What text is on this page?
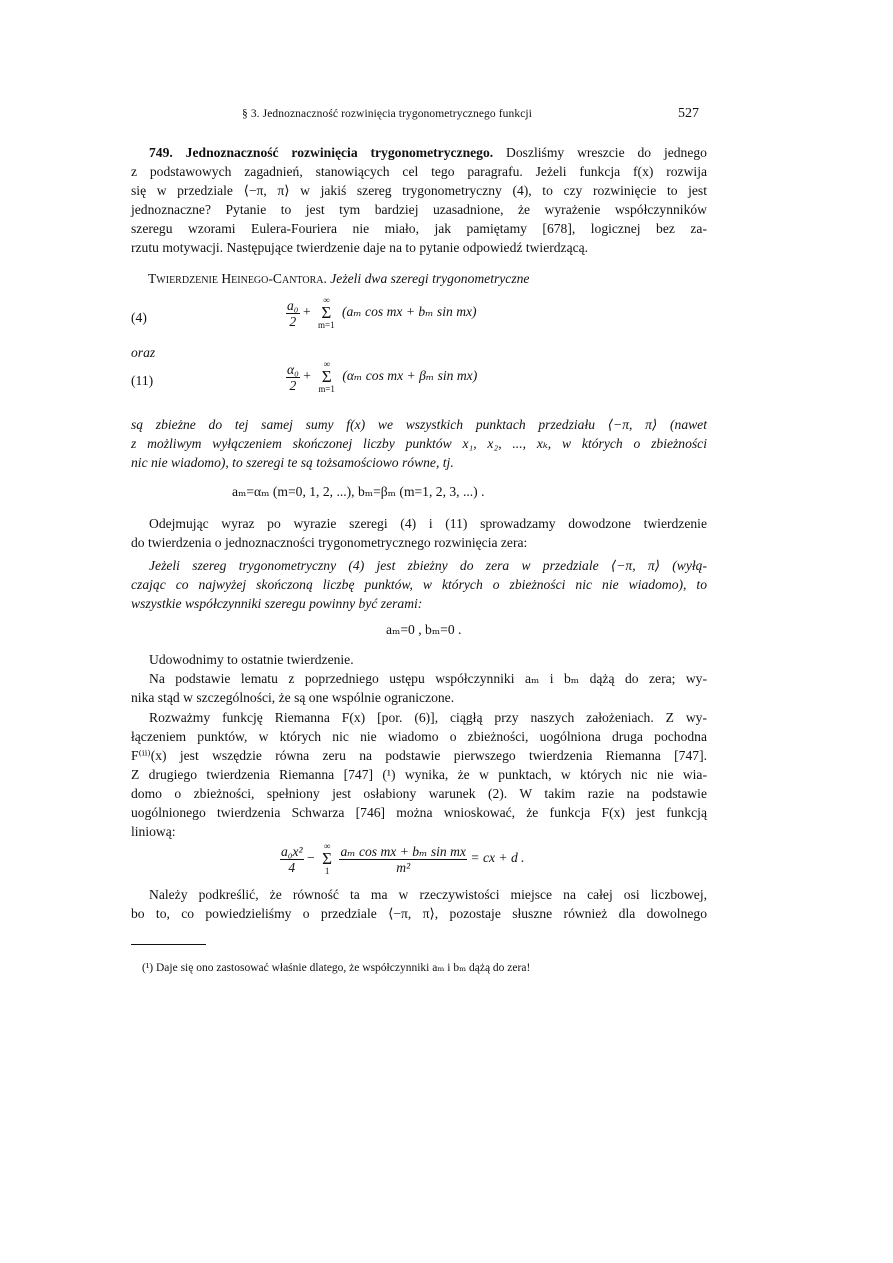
§ 3. Jednoznaczność rozwinięcia trygonometrycznego funkcji	527
749. Jednoznaczność rozwinięcia trygonometrycznego. Doszliśmy wreszcie do jednego
z podstawowych zagadnień, stanowiących cel tego paragrafu. Jeżeli funkcja f(x) rozwija
się w przedziale ⟨−π, π⟩ w jakiś szereg trygonometryczny (4), to czy rozwinięcie to jest
jednoznaczne? Pytanie to jest tym bardziej uzasadnione, że wyrażenie współczynników
szeregu wzorami Eulera-Fouriera nie miało, jak pamiętamy [678], logicznej bez za-
rzutu motywacji. Następujące twierdzenie daje na to pytanie odpowiedź twierdzącą.
Twierdzenie Heinego-Cantora. Jeżeli dwa szeregi trygonometryczne
(4)	$\frac{\text{a₀}}{2}$ +
∞
Σ
m=1
(aₘ cos mx + bₘ sin mx)
oraz
(11)	$\frac{\text{α₀}}{2}$ +
∞
Σ
m=1
(αₘ cos mx + βₘ sin mx)
są zbieżne do tej samej sumy f(x) we wszystkich punktach przedziału ⟨−π, π⟩ (nawet
z możliwym wyłączeniem skończonej liczby punktów x₁, x₂, ..., xₖ, w których o zbieżności
nic nie wiadomo), to szeregi te są tożsamościowo równe, tj.
aₘ=αₘ (m=0, 1, 2, ...), bₘ=βₘ (m=1, 2, 3, ...) .
Odejmując wyraz po wyrazie szeregi (4) i (11) sprowadzamy dowodzone twierdzenie
do twierdzenia o jednoznaczności trygonometrycznego rozwinięcia zera:
Jeżeli szereg trygonometryczny (4) jest zbieżny do zera w przedziale ⟨−π, π⟩ (wyłą-
czając co najwyżej skończoną liczbę punktów, w których o zbieżności nic nie wiadomo), to
wszystkie współczynniki szeregu powinny być zerami:
aₘ=0 , bₘ=0 .
Udowodnimy to ostatnie twierdzenie.
Na podstawie lematu z poprzedniego ustępu współczynniki aₘ i bₘ dążą do zera; wy-
nika stąd w szczególności, że są one wspólnie ograniczone.
Rozważmy funkcję Riemanna F(x) [por. (6)], ciągłą przy naszych założeniach. Z wy-
łączeniem punktów, w których nic nie wiadomo o zbieżności, uogólniona druga pochodna
F⁽ⁱⁱ⁾(x) jest wszędzie równa zeru na podstawie pierwszego twierdzenia Riemanna [747].
Z drugiego twierdzenia Riemanna [747] (¹) wynika, że w punktach, w których nic nie wia-
domo o zbieżności, spełniony jest osłabiony warunek (2). W takim razie na podstawie
uogólnionego twierdzenia Schwarza [746] można wnioskować, że funkcja F(x) jest funkcją
liniową:
$\frac{\text{a₀x²}}{4}$ −
∞
Σ
1
$\frac{\text{aₘ cos mx + bₘ sin mx}}{\text{m²}}$ = cx + d .
Należy podkreślić, że równość ta ma w rzeczywistości miejsce na całej osi liczbowej,
bo to, co powiedzieliśmy o przedziale ⟨−π, π⟩, pozostaje słuszne również dla dowolnego
(¹) Daje się ono zastosować właśnie dlatego, że współczynniki aₘ i bₘ dążą do zera!
